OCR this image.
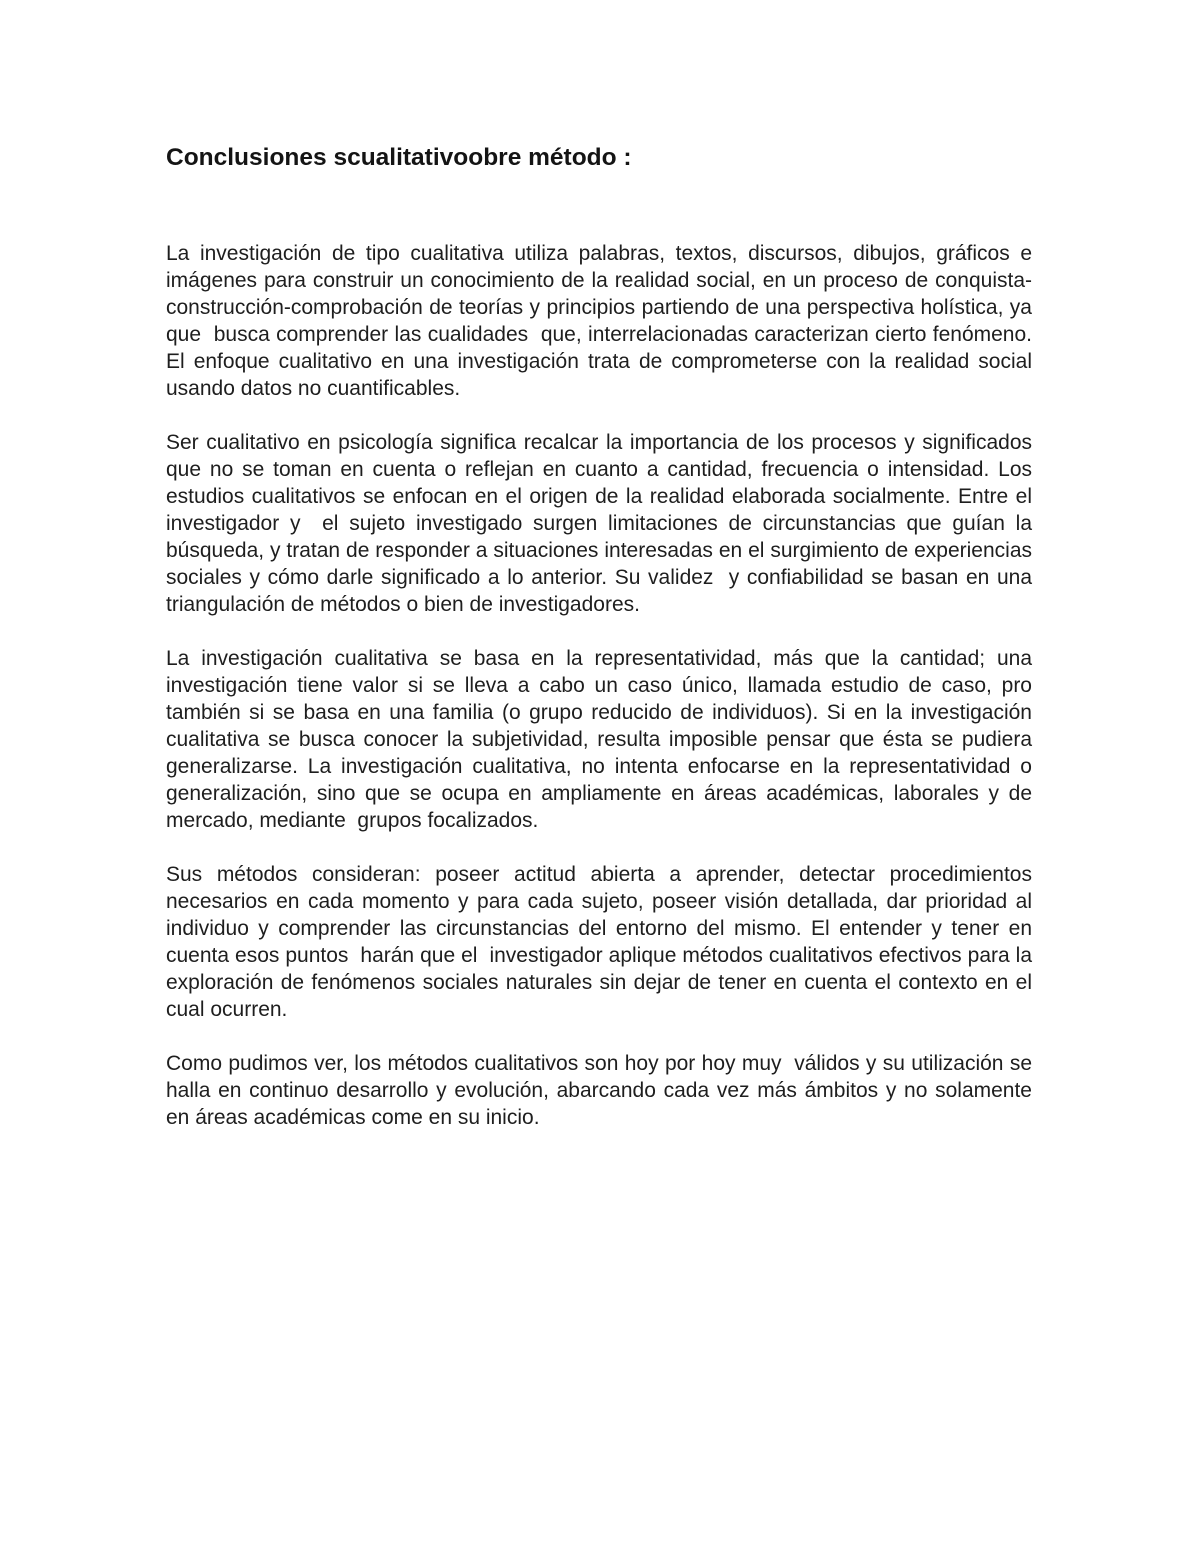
Conclusiones scualitativoobre método :

La investigación de tipo cualitativa utiliza palabras, textos, discursos, dibujos, gráficos e imágenes para construir un conocimiento de la realidad social, en un proceso de conquista-construcción-comprobación de teorías y principios partiendo de una perspectiva holística, ya que  busca comprender las cualidades  que, interrelacionadas caracterizan cierto fenómeno. El enfoque cualitativo en una investigación trata de comprometerse con la realidad social usando datos no cuantificables.

Ser cualitativo en psicología significa recalcar la importancia de los procesos y significados que no se toman en cuenta o reflejan en cuanto a cantidad, frecuencia o intensidad. Los estudios cualitativos se enfocan en el origen de la realidad elaborada socialmente. Entre el investigador y  el sujeto investigado surgen limitaciones de circunstancias que guían la búsqueda, y tratan de responder a situaciones interesadas en el surgimiento de experiencias sociales y cómo darle significado a lo anterior. Su validez  y confiabilidad se basan en una triangulación de métodos o bien de investigadores.

La investigación cualitativa se basa en la representatividad, más que la cantidad; una investigación tiene valor si se lleva a cabo un caso único, llamada estudio de caso, pro también si se basa en una familia (o grupo reducido de individuos). Si en la investigación cualitativa se busca conocer la subjetividad, resulta imposible pensar que ésta se pudiera generalizarse. La investigación cualitativa, no intenta enfocarse en la representatividad o generalización, sino que se ocupa en ampliamente en áreas académicas, laborales y de mercado, mediante  grupos focalizados.

Sus métodos consideran: poseer actitud abierta a aprender, detectar procedimientos necesarios en cada momento y para cada sujeto, poseer visión detallada, dar prioridad al individuo y comprender las circunstancias del entorno del mismo. El entender y tener en cuenta esos puntos  harán que el  investigador aplique métodos cualitativos efectivos para la exploración de fenómenos sociales naturales sin dejar de tener en cuenta el contexto en el cual ocurren.

Como pudimos ver, los métodos cualitativos son hoy por hoy muy  válidos y su utilización se halla en continuo desarrollo y evolución, abarcando cada vez más ámbitos y no solamente en áreas académicas come en su inicio.
